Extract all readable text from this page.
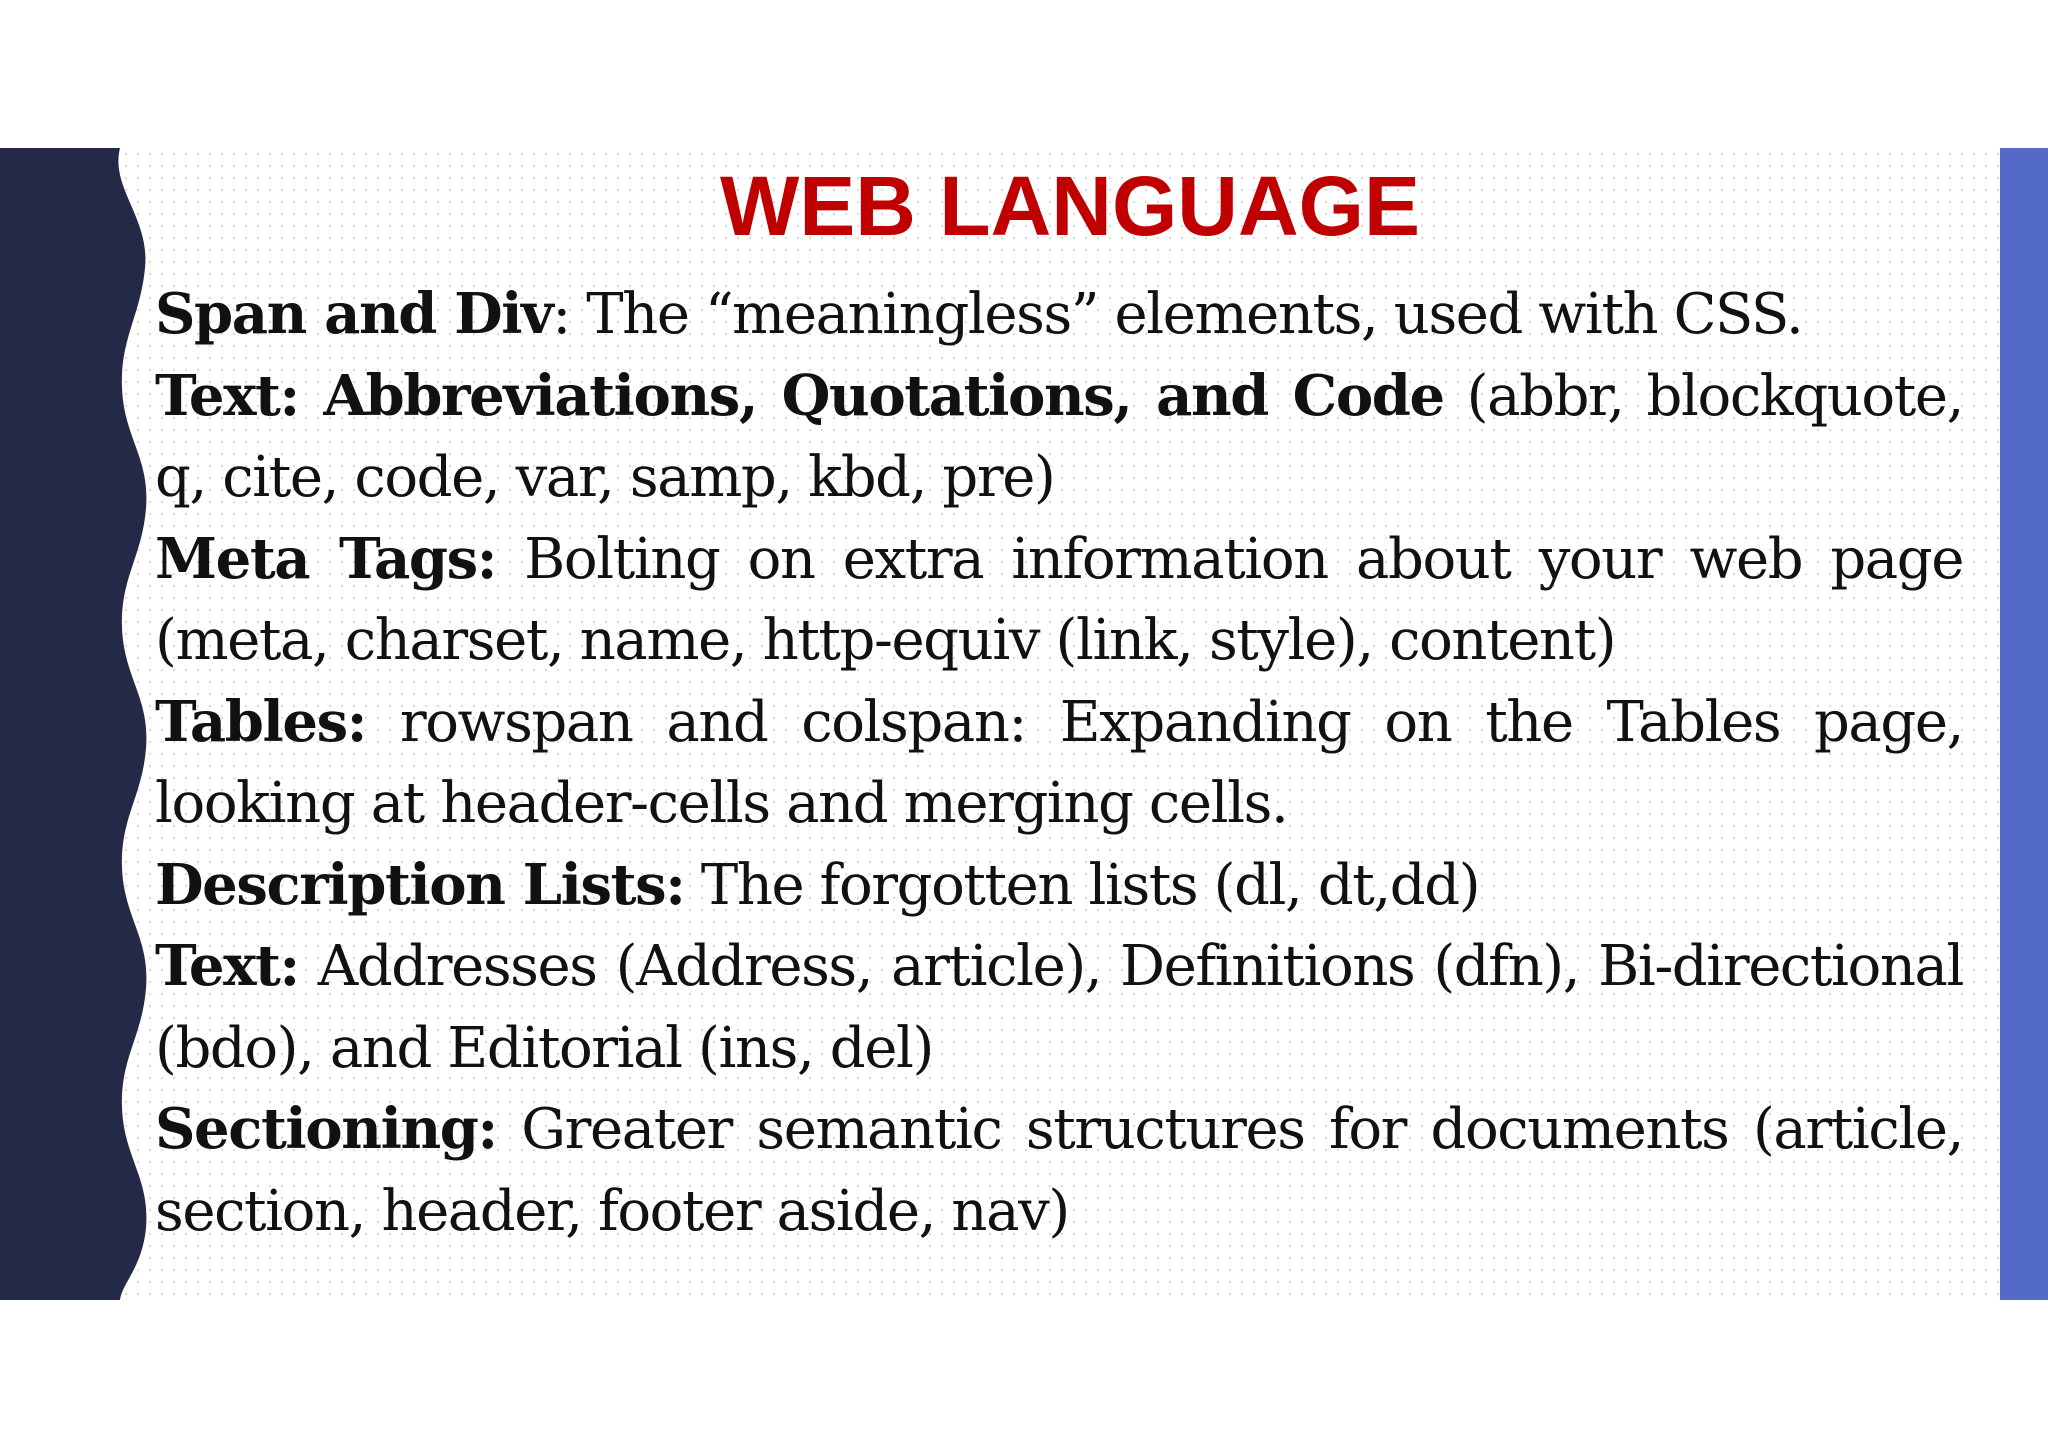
WEB LANGUAGE

Span and Div: The “meaningless” elements, used with CSS.

Text: Abbreviations, Quotations, and Code (abbr, blockquote, q, cite, code, var, samp, kbd, pre)

Meta Tags: Bolting on extra information about your web page (meta, charset, name, http-equiv (link, style), content)

Tables: rowspan and colspan: Expanding on the Tables page, looking at header-cells and merging cells.

Description Lists: The forgotten lists (dl, dt,dd)

Text: Addresses (Address, article), Definitions (dfn), Bi-directional (bdo), and Editorial (ins, del)

Sectioning: Greater semantic structures for documents (article, section, header, footer aside, nav)
